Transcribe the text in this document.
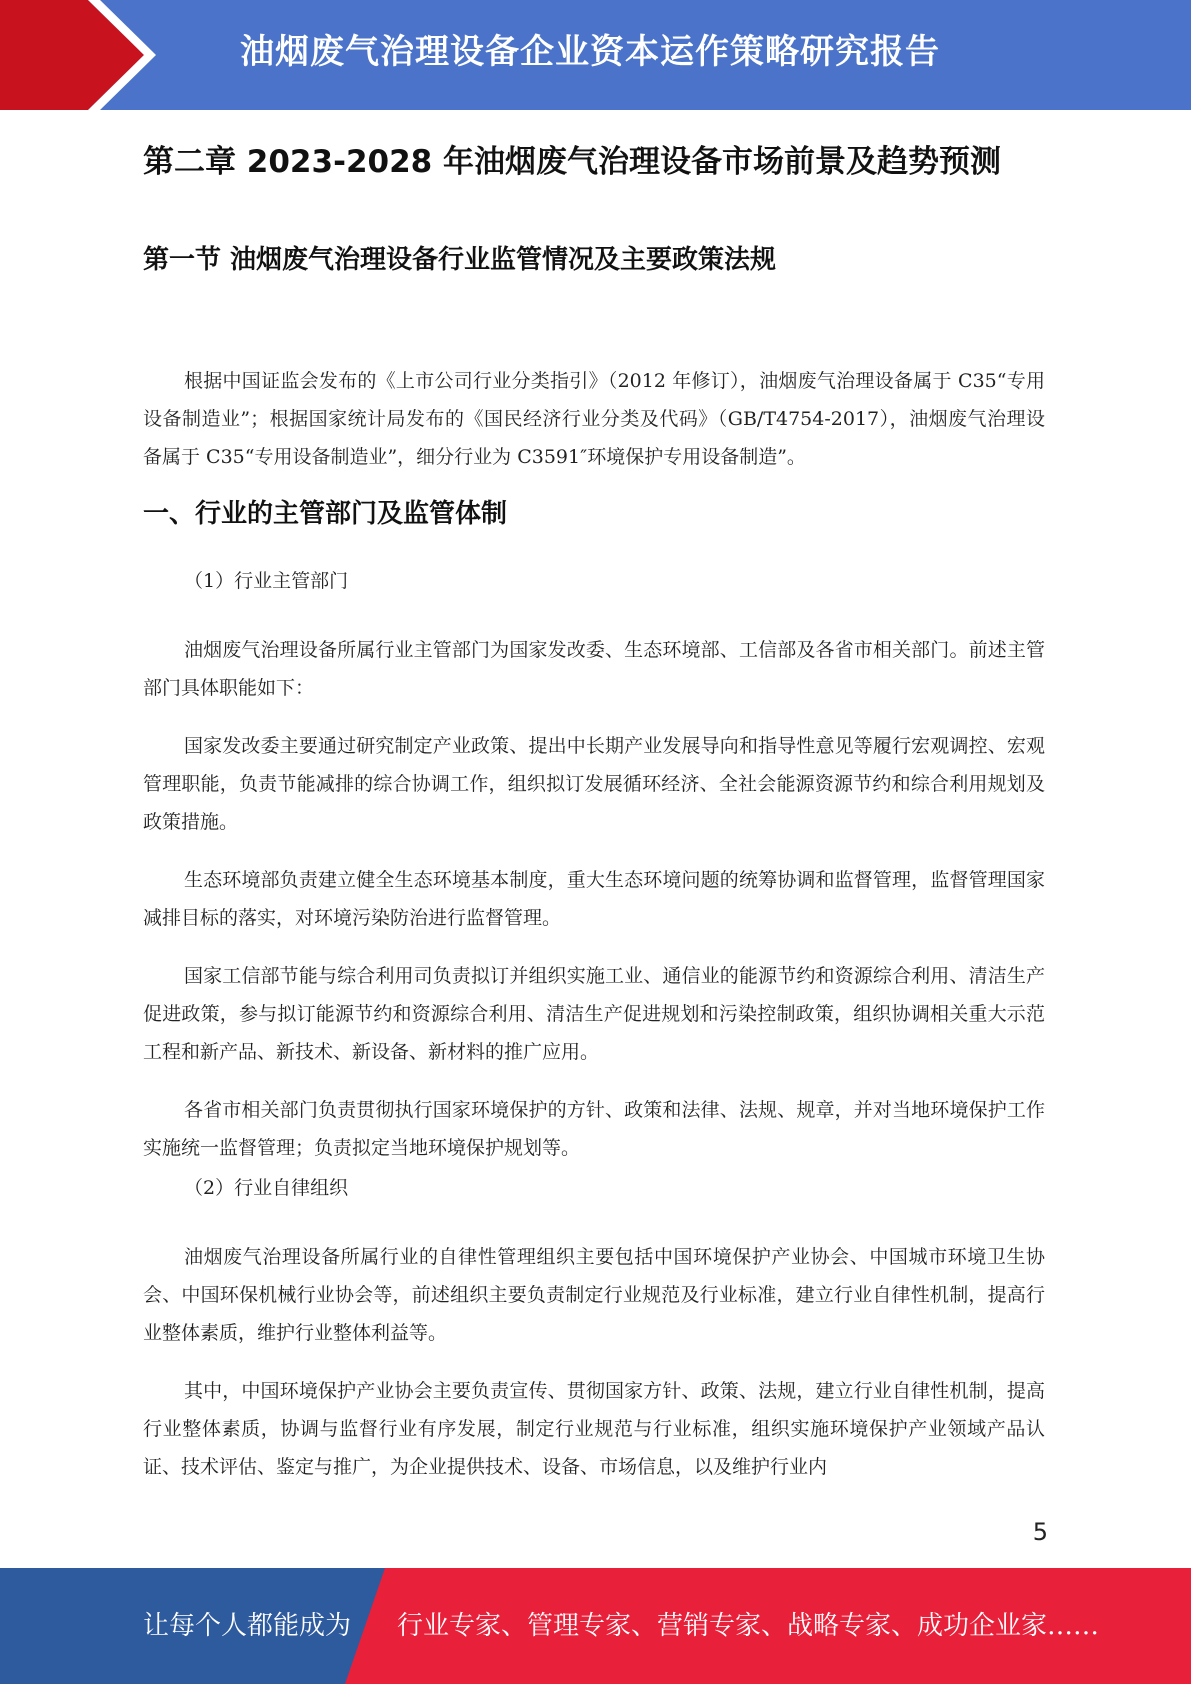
油烟废气治理设备企业资本运作策略研究报告
第二章 2023-2028 年油烟废气治理设备市场前景及趋势预测
第一节 油烟废气治理设备行业监管情况及主要政策法规

根据中国证监会发布的《上市公司行业分类指引》（2012 年修订），油烟废气治理设备属于 C35“专用设备制造业”；根据国家统计局发布的《国民经济行业分类及代码》（GB/T4754-2017），油烟废气治理设备属于 C35“专用设备制造业”，细分行业为 C3591″环境保护专用设备制造”。

一、行业的主管部门及监管体制

（1）行业主管部门

油烟废气治理设备所属行业主管部门为国家发改委、生态环境部、工信部及各省市相关部门。前述主管部门具体职能如下：

国家发改委主要通过研究制定产业政策、提出中长期产业发展导向和指导性意见等履行宏观调控、宏观管理职能，负责节能减排的综合协调工作，组织拟订发展循环经济、全社会能源资源节约和综合利用规划及政策措施。

生态环境部负责建立健全生态环境基本制度，重大生态环境问题的统筹协调和监督管理，监督管理国家减排目标的落实，对环境污染防治进行监督管理。

国家工信部节能与综合利用司负责拟订并组织实施工业、通信业的能源节约和资源综合利用、清洁生产促进政策，参与拟订能源节约和资源综合利用、清洁生产促进规划和污染控制政策，组织协调相关重大示范工程和新产品、新技术、新设备、新材料的推广应用。

各省市相关部门负责贯彻执行国家环境保护的方针、政策和法律、法规、规章，并对当地环境保护工作实施统一监督管理；负责拟定当地环境保护规划等。

（2）行业自律组织

油烟废气治理设备所属行业的自律性管理组织主要包括中国环境保护产业协会、中国城市环境卫生协会、中国环保机械行业协会等，前述组织主要负责制定行业规范及行业标准，建立行业自律性机制，提高行业整体素质，维护行业整体利益等。

其中，中国环境保护产业协会主要负责宣传、贯彻国家方针、政策、法规，建立行业自律性机制，提高行业整体素质，协调与监督行业有序发展，制定行业规范与行业标准，组织实施环境保护产业领域产品认证、技术评估、鉴定与推广，为企业提供技术、设备、市场信息，以及维护行业内

5
让每个人都能成为 行业专家、管理专家、营销专家、战略专家、成功企业家……
